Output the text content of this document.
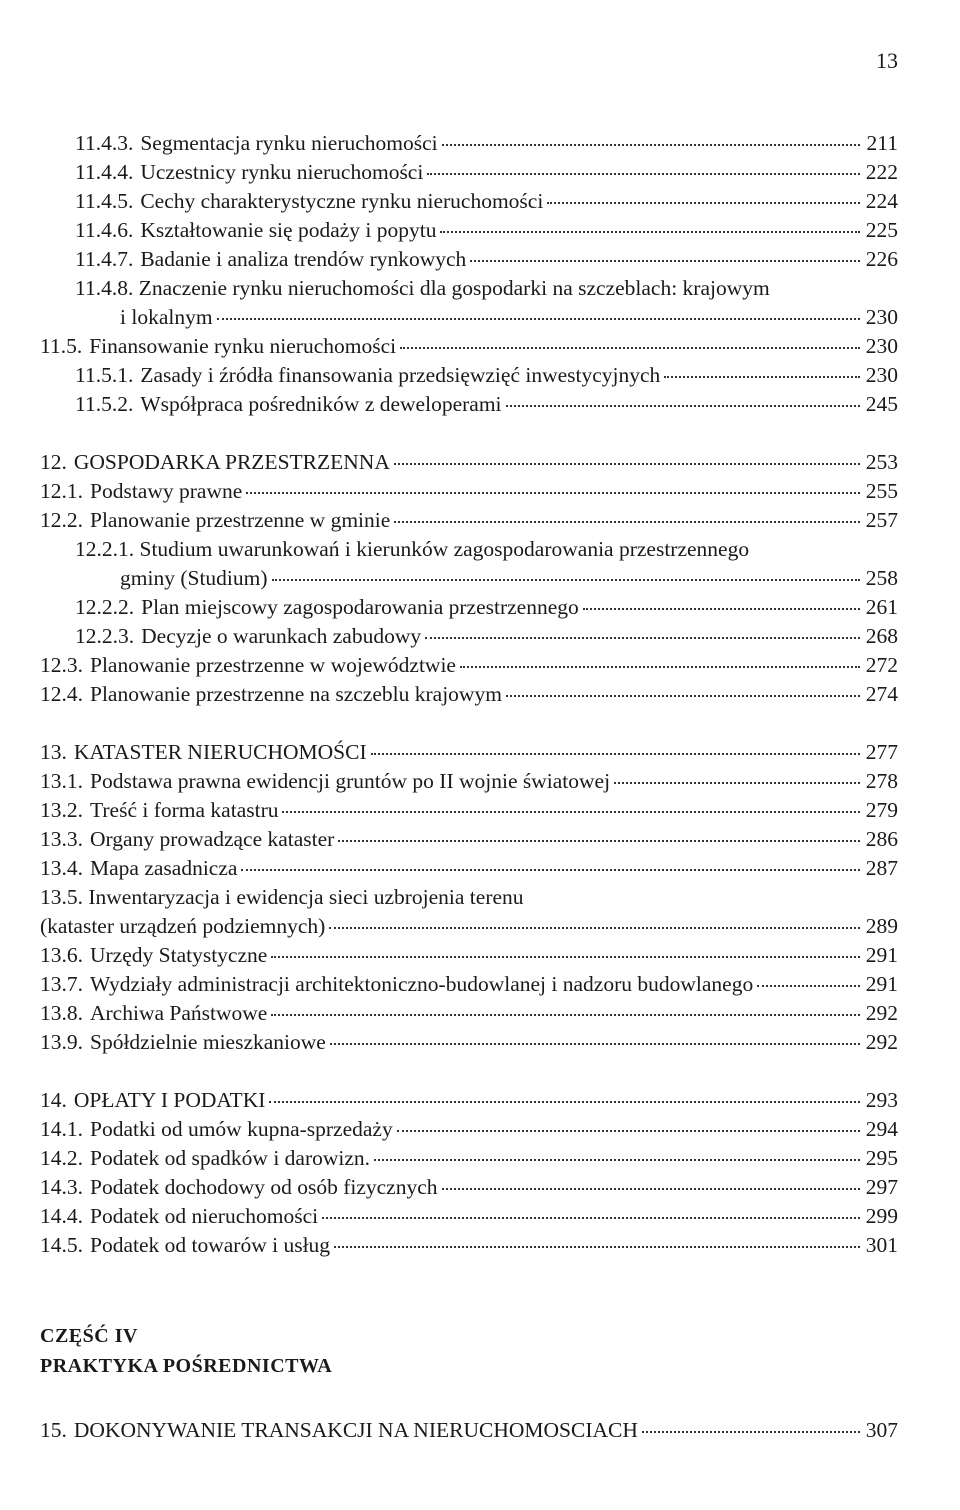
13
11.4.3. Segmentacja rynku nieruchomości	211
11.4.4. Uczestnicy rynku nieruchomości	222
11.4.5. Cechy charakterystyczne rynku nieruchomości	224
11.4.6. Kształtowanie się podaży i popytu	225
11.4.7. Badanie i analiza trendów rynkowych	226
11.4.8. Znaczenie rynku nieruchomości dla gospodarki na szczeblach: krajowym
i lokalnym	230
11.5. Finansowanie rynku nieruchomości	230
11.5.1. Zasady i źródła finansowania przedsięwzięć inwestycyjnych	230
11.5.2. Współpraca pośredników z deweloperami	245
12. GOSPODARKA PRZESTRZENNA	253
12.1. Podstawy prawne	255
12.2. Planowanie przestrzenne w gminie	257
12.2.1. Studium uwarunkowań i kierunków zagospodarowania przestrzennego
gminy (Studium)	258
12.2.2. Plan miejscowy zagospodarowania przestrzennego	261
12.2.3. Decyzje o warunkach zabudowy	268
12.3. Planowanie przestrzenne w województwie	272
12.4. Planowanie przestrzenne na szczeblu krajowym	274
13. KATASTER NIERUCHOMOŚCI	277
13.1. Podstawa prawna ewidencji gruntów po II wojnie światowej	278
13.2. Treść i forma katastru	279
13.3. Organy prowadzące kataster	286
13.4. Mapa zasadnicza	287
13.5. Inwentaryzacja i ewidencja sieci uzbrojenia terenu
(kataster urządzeń podziemnych)	289
13.6. Urzędy Statystyczne	291
13.7. Wydziały administracji architektoniczno-budowlanej i nadzoru budowlanego	291
13.8. Archiwa Państwowe	292
13.9. Spółdzielnie mieszkaniowe	292
14. OPŁATY I PODATKI	293
14.1. Podatki od umów kupna-sprzedaży	294
14.2. Podatek od spadków i darowizn.	295
14.3. Podatek dochodowy od osób fizycznych	297
14.4. Podatek od nieruchomości	299
14.5. Podatek od towarów i usług	301
CZĘŚĆ IV
PRAKTYKA POŚREDNICTWA
15. DOKONYWANIE TRANSAKCJI NA NIERUCHOMOSCIACH	307
